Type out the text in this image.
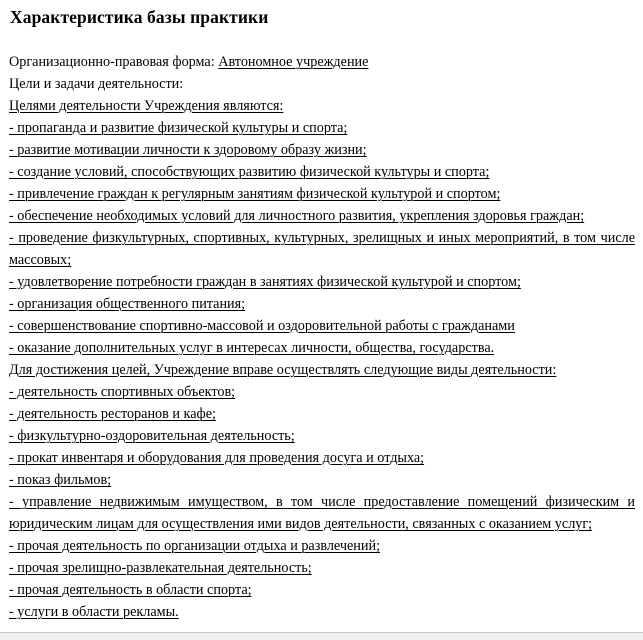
Характеристика базы практики

Организационно-правовая форма: Автономное учреждение

Цели и задачи деятельности:

Целями деятельности Учреждения являются:

- пропаганда и развитие физической культуры и спорта;

- развитие мотивации личности к здоровому образу жизни;

- создание условий, способствующих развитию физической культуры и спорта;

- привлечение граждан к регулярным занятиям физической культурой и спортом;

- обеспечение необходимых условий для личностного развития, укрепления здоровья граждан;

- проведение физкультурных, спортивных, культурных, зрелищных и иных мероприятий, в том числе массовых;

- удовлетворение потребности граждан в занятиях физической культурой и спортом;

- организация общественного питания;

- совершенствование спортивно-массовой и оздоровительной работы с гражданами

- оказание дополнительных услуг в интересах личности, общества, государства.

Для достижения целей, Учреждение вправе осуществлять следующие виды деятельности:

- деятельность спортивных объектов;

- деятельность ресторанов и кафе;

- физкультурно-оздоровительная деятельность;

- прокат инвентаря и оборудования для проведения досуга и отдыха;

- показ фильмов;

- управление недвижимым имуществом, в том числе предоставление помещений физическим и юридическим лицам для осуществления ими видов деятельности, связанных с оказанием услуг;

- прочая деятельность по организации отдыха и развлечений;

- прочая зрелищно-развлекательная деятельность;

- прочая деятельность в области спорта;

- услуги в области рекламы.
